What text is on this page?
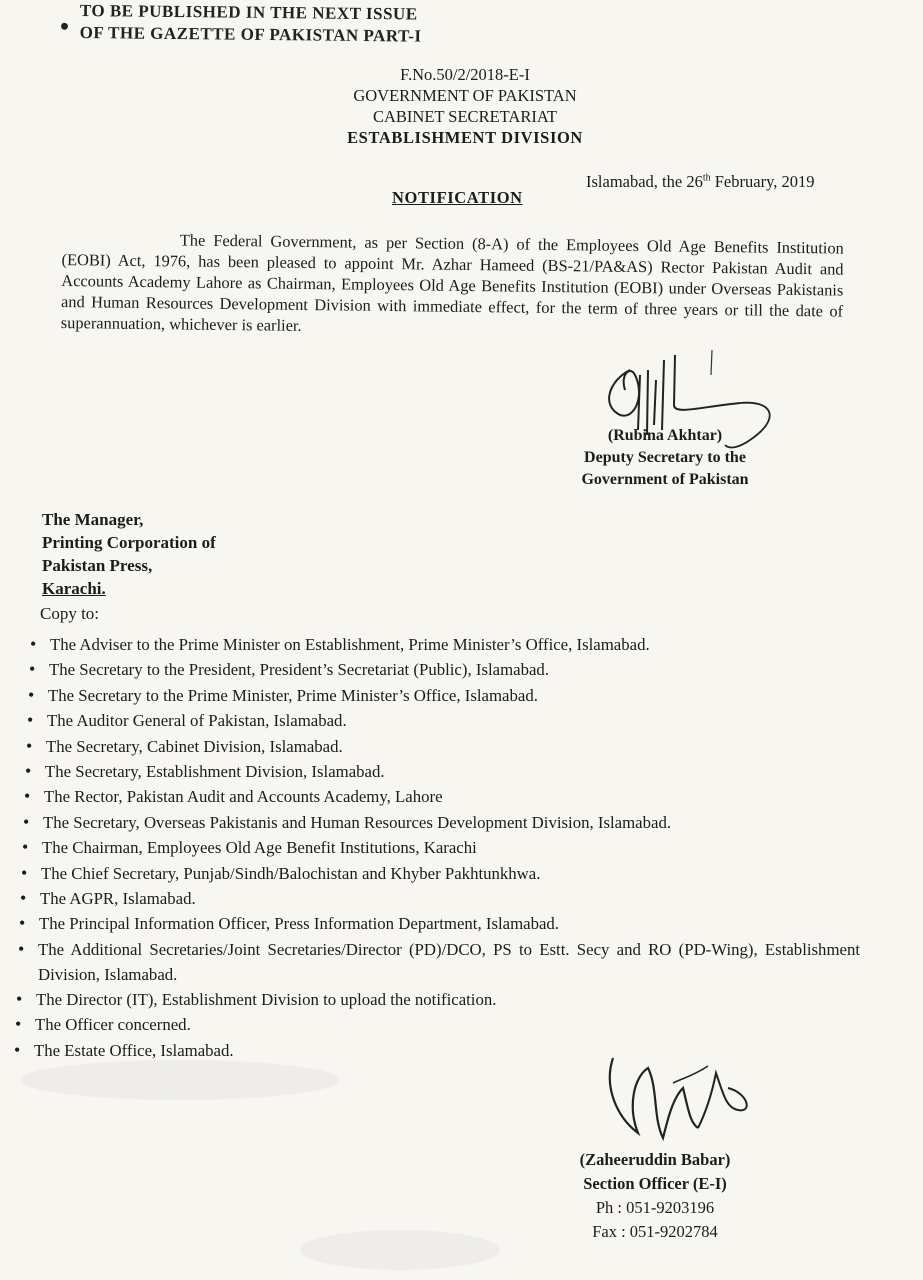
●
TO BE PUBLISHED IN THE NEXT ISSUE
OF THE GAZETTE OF PAKISTAN PART-I
F.No.50/2/2018-E-I
GOVERNMENT OF PAKISTAN
CABINET SECRETARIAT
ESTABLISHMENT DIVISION
Islamabad, the 26th February, 2019
NOTIFICATION

The Federal Government, as per Section (8-A) of the Employees Old Age Benefits Institution (EOBI) Act, 1976, has been pleased to appoint Mr. Azhar Hameed (BS-21/PA&AS) Rector Pakistan Audit and Accounts Academy Lahore as Chairman, Employees Old Age Benefits Institution (EOBI) under Overseas Pakistanis and Human Resources Development Division with immediate effect, for the term of three years or till the date of superannuation, whichever is earlier.

(Rubina Akhtar)
Deputy Secretary to the
Government of Pakistan
The Manager,
Printing Corporation of
Pakistan Press,
Karachi.
Copy to:
• The Adviser to the Prime Minister on Establishment, Prime Minister’s Office, Islamabad.
• The Secretary to the President, President’s Secretariat (Public), Islamabad.
• The Secretary to the Prime Minister, Prime Minister’s Office, Islamabad.
• The Auditor General of Pakistan, Islamabad.
• The Secretary, Cabinet Division, Islamabad.
• The Secretary, Establishment Division, Islamabad.
• The Rector, Pakistan Audit and Accounts Academy, Lahore
• The Secretary, Overseas Pakistanis and Human Resources Development Division, Islamabad.
• The Chairman, Employees Old Age Benefit Institutions, Karachi
• The Chief Secretary, Punjab/Sindh/Balochistan and Khyber Pakhtunkhwa.
• The AGPR, Islamabad.
• The Principal Information Officer, Press Information Department, Islamabad.
• The Additional Secretaries/Joint Secretaries/Director (PD)/DCO, PS to Estt. Secy and RO (PD-Wing), Establishment Division, Islamabad.
• The Director (IT), Establishment Division to upload the notification.
• The Officer concerned.
• The Estate Office, Islamabad.
(Zaheeruddin Babar)
Section Officer (E-I)
Ph : 051-9203196
Fax : 051-9202784
